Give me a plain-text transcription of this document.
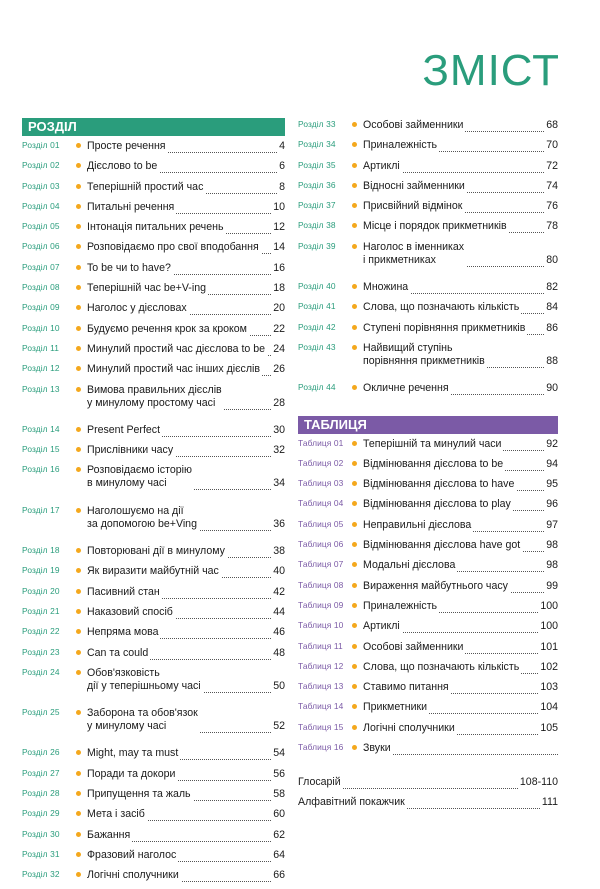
ЗМІСТ
РОЗДІЛ
Розділ 01	Просте речення	4
Розділ 02	Дієслово to be	6
Розділ 03	Теперішній простий час	8
Розділ 04	Питальні речення	10
Розділ 05	Інтонація питальних речень	12
Розділ 06	Розповідаємо про свої вподобання 14
Розділ 07	To be чи to have?	16
Розділ 08	Теперішній час be+V-ing	18
Розділ 09	Наголос у дієсловах	20
Розділ 10	Будуємо речення крок за кроком 22
Розділ 11	Минулий простий час дієслова to be 24
Розділ 12	Минулий простий час інших дієслів 26
Розділ 13	Вимова правильних дієслів
у минулому простому часі	28
Розділ 14	Present Perfect	30
Розділ 15	Прислівники часу	32
Розділ 16	Розповідаємо історію
в минулому часі	34
Розділ 17	Наголошуємо на дії
за допомогою be+Ving	36
Розділ 18	Повторювані дії в минулому	38
Розділ 19	Як виразити майбутній час	40
Розділ 20	Пасивний стан	42
Розділ 21	Наказовий спосіб	44
Розділ 22	Непряма мова	46
Розділ 23	Can та could	48
Розділ 24	Обов'язковість
дії у теперішньому часі	50
Розділ 25	Заборона та обов'язок
у минулому часі	52
Розділ 26	Might, may та must	54
Розділ 27	Поради та докори	56
Розділ 28	Припущення та жаль	58
Розділ 29	Мета і засіб	60
Розділ 30	Бажання	62
Розділ 31	Фразовий наголос	64
Розділ 32	Логічні сполучники	66
Розділ 33	Особові займенники	68
Розділ 34	Приналежність	70
Розділ 35	Артиклі	72
Розділ 36	Відносні займенники	74
Розділ 37	Присвійний відмінок	76
Розділ 38	Місце і порядок прикметників	78
Розділ 39	Наголос в іменниках
і прикметниках	80
Розділ 40	Множина	82
Розділ 41	Слова, що позначають кількість	84
Розділ 42	Ступені порівняння прикметників 86
Розділ 43	Найвищий ступінь
порівняння прикметників	88
Розділ 44	Окличне речення	90
ТАБЛИЦЯ
Таблиця 01	Теперішній та минулий часи	92
Таблиця 02	Відмінювання дієслова to be	94
Таблиця 03	Відмінювання дієслова to have	95
Таблиця 04	Відмінювання дієслова to play	96
Таблиця 05	Неправильні дієслова	97
Таблиця 06	Відмінювання дієслова have got 98
Таблиця 07	Модальні дієслова	98
Таблиця 08	Вираження майбутнього часу	99
Таблиця 09	Приналежність	100
Таблиця 10	Артиклі	100
Таблиця 11	Особові займенники	101
Таблиця 12	Слова, що позначають кількість 102
Таблиця 13	Ставимо питання	103
Таблиця 14	Прикметники	104
Таблиця 15	Логічні сполучники	105
Таблиця 16	Звуки
Глосарій	108-110
Алфавітний покажчик	111
